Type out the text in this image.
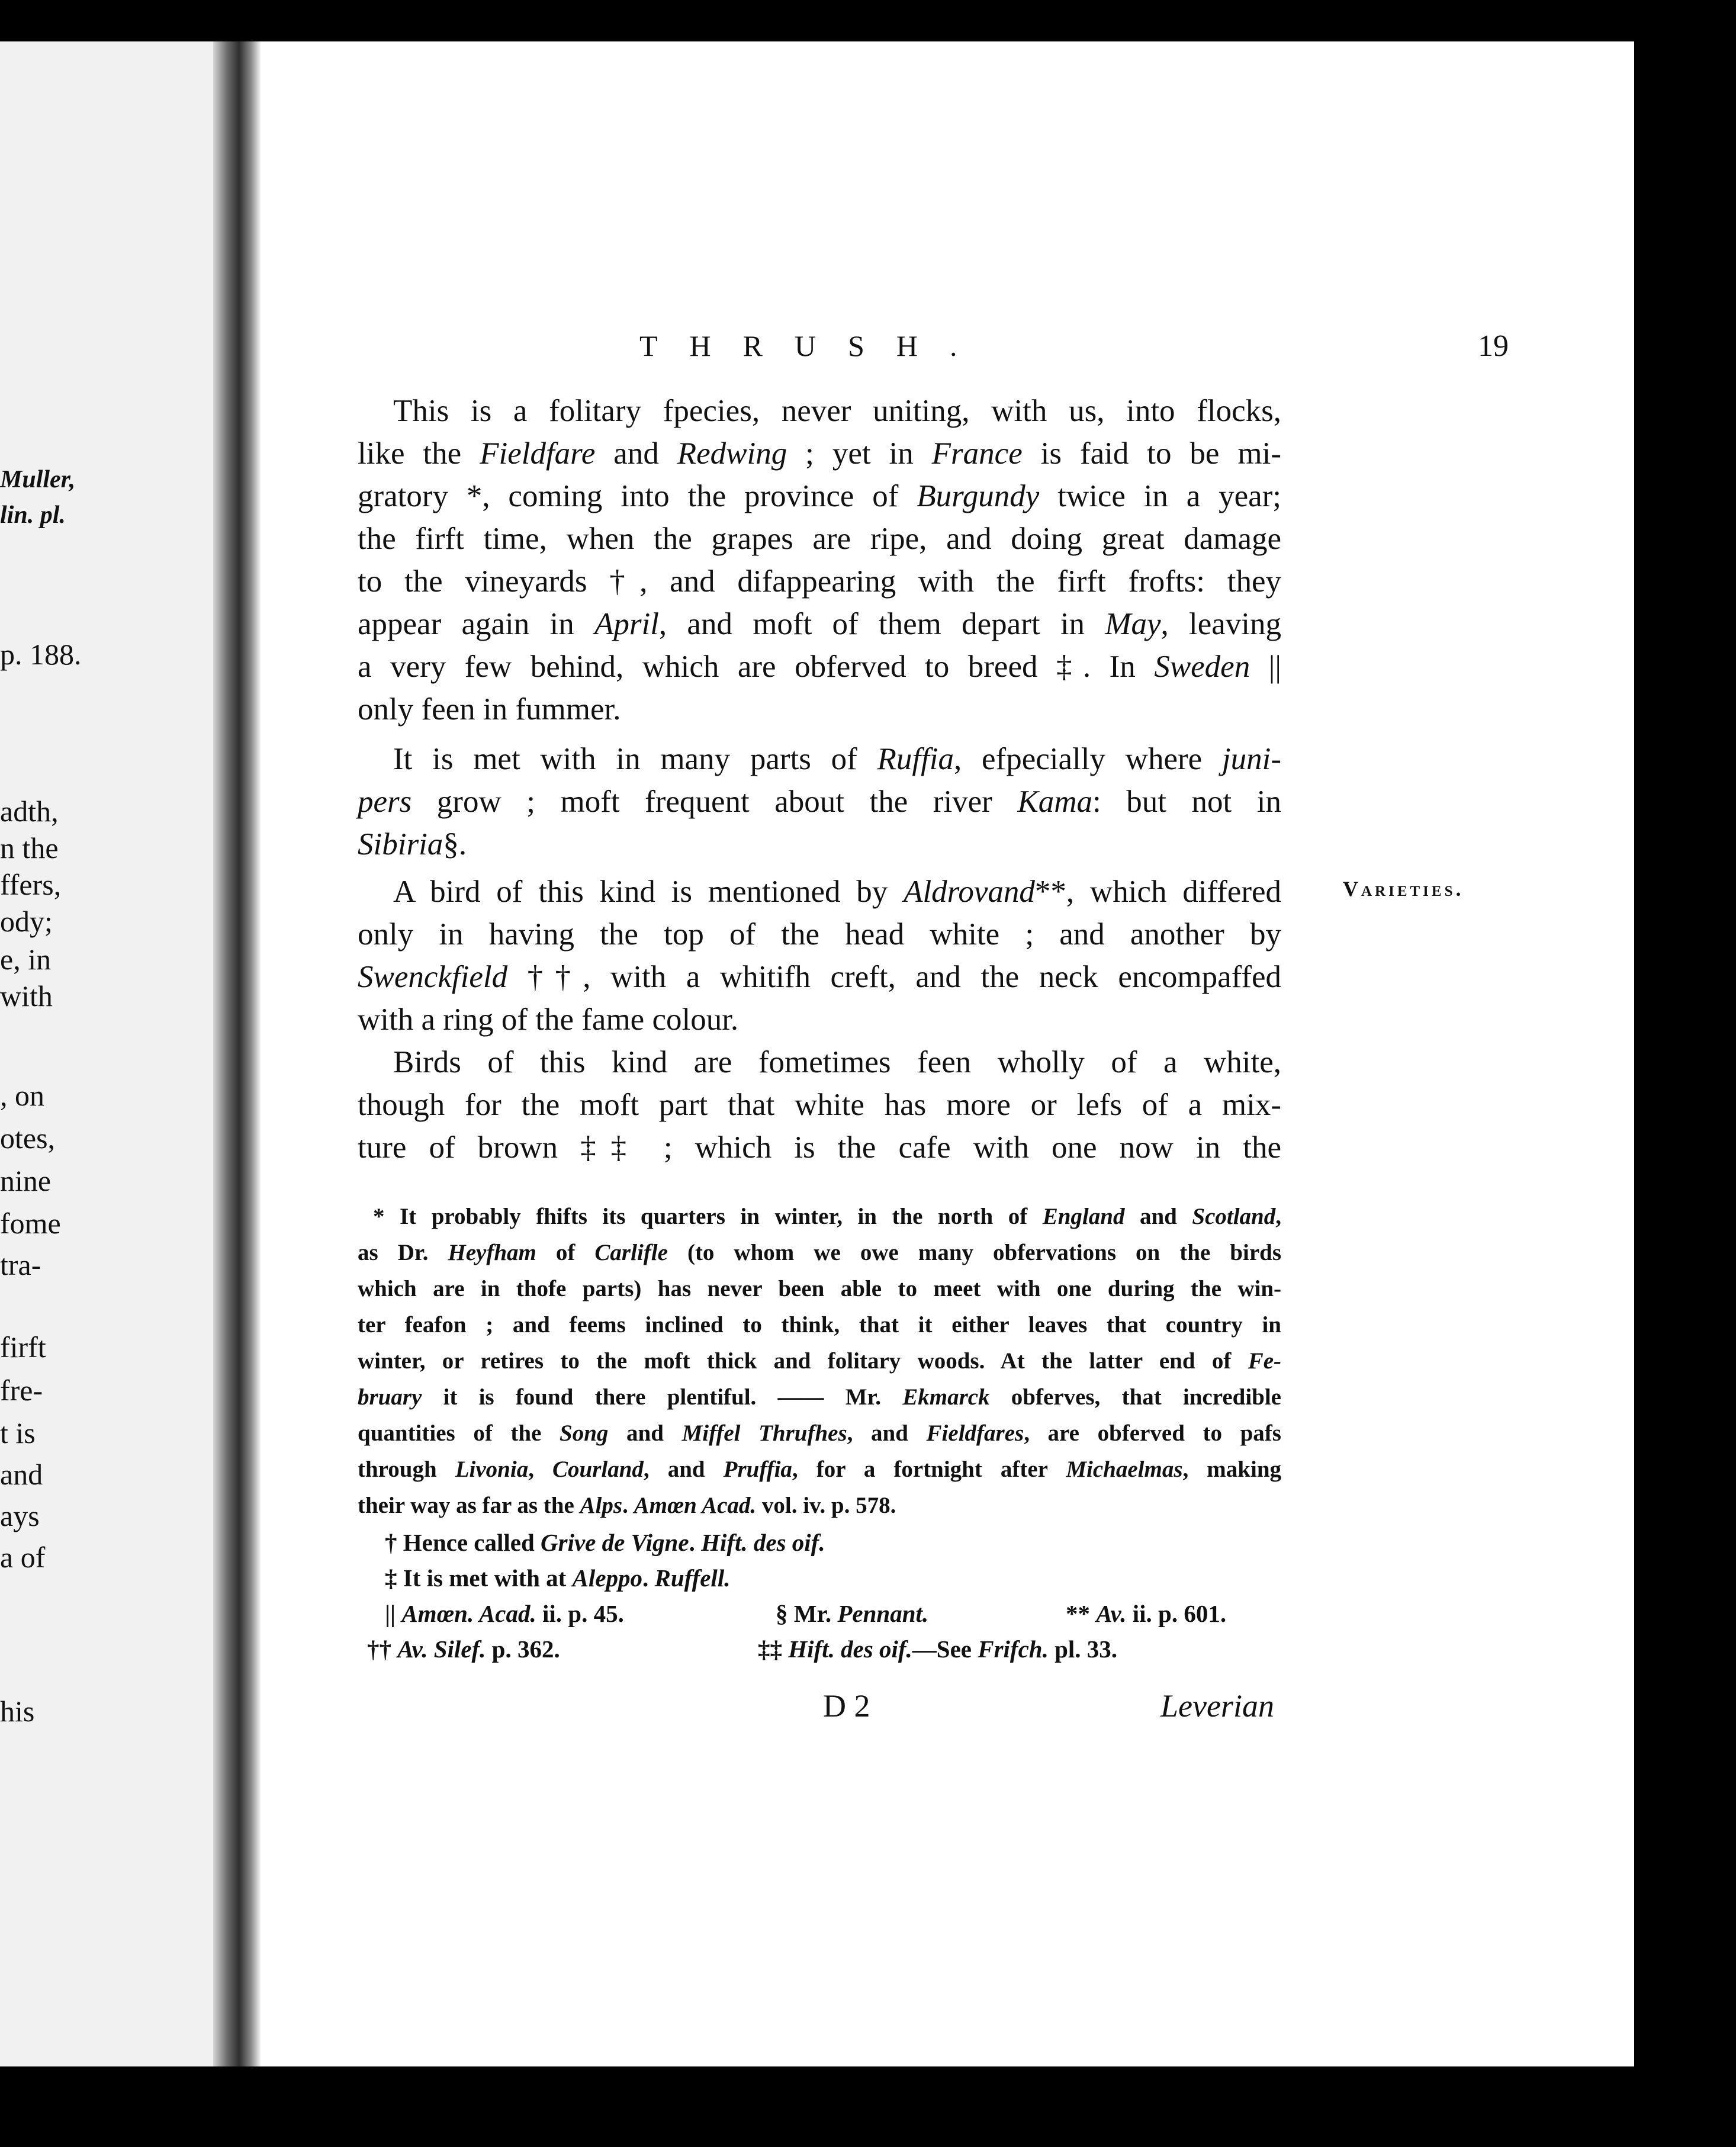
Muller,
lin. pl.
p. 188.
adth,
n the
ffers,
ody;
e, in
with
, on
otes,
nine
fome
tra-
firft
fre-
t is
and
ays
a of
his
THRUSH.	19
This is a folitary fpecies, never uniting, with us, into flocks,
like the Fieldfare and Redwing ; yet in France is faid to be mi-
gratory *, coming into the province of Burgundy twice in a year;
the firft time, when the grapes are ripe, and doing great damage
to the vineyards †, and difappearing with the firft frofts: they
appear again in April, and moft of them depart in May, leaving
a very few behind, which are obferved to breed ‡. In Sweden ||
only feen in fummer.
It is met with in many parts of Ruffia, efpecially where juni-
pers grow ; moft frequent about the river Kama: but not in
Sibiria§.
A bird of this kind is mentioned by Aldrovand**, which differed
only in having the top of the head white ; and another by
Swenckfield ††, with a whitifh creft, and the neck encompaffed
with a ring of the fame colour.
Birds of this kind are fometimes feen wholly of a white,
though for the moft part that white has more or lefs of a mix-
ture of brown ‡‡ ; which is the cafe with one now in the
Varieties.
* It probably fhifts its quarters in winter, in the north of England and Scotland,
as Dr. Heyfham of Carlifle (to whom we owe many obfervations on the birds
which are in thofe parts) has never been able to meet with one during the win-
ter feafon ; and feems inclined to think, that it either leaves that country in
winter, or retires to the moft thick and folitary woods. At the latter end of Fe-
bruary it is found there plentiful. —— Mr. Ekmarck obferves, that incredible
quantities of the Song and Miffel Thrufhes, and Fieldfares, are obferved to pafs
through Livonia, Courland, and Pruffia, for a fortnight after Michaelmas, making
their way as far as the Alps. Amœn Acad. vol. iv. p. 578.
† Hence called Grive de Vigne. Hift. des oif.
‡ It is met with at Aleppo. Ruffell.
|| Amœn. Acad. ii. p. 45.	§ Mr. Pennant.	** Av. ii. p. 601.
†† Av. Silef. p. 362.	‡‡ Hift. des oif.—See Frifch. pl. 33.
D 2	Leverian
